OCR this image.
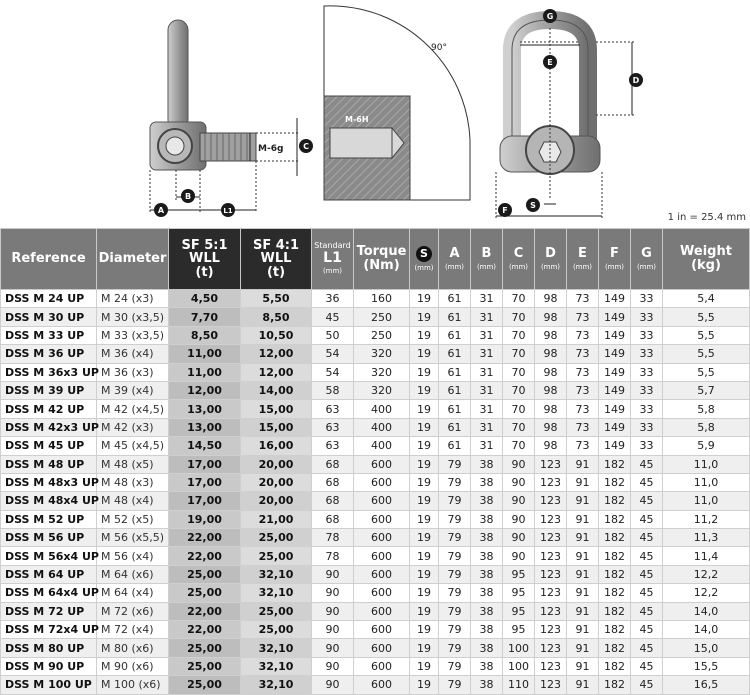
M-6g
M-6H
90°
A
B
L1
C
D
E
F
G
S
1 in = 25.4 mm
Reference	Diameter	SF 5:1
WLL
(t)	SF 4:1
WLL
(t)	Standard
L1
(mm)	Torque
(Nm)	S
(mm)	A
(mm)	B
(mm)	C
(mm)	D
(mm)	E
(mm)	F
(mm)	G
(mm)	Weight
(kg)

DSS M 24 UP	M 24 (x3)	4,50	5,50	36	160	19	61	31	70	98	73	149	33	5,4
DSS M 30 UP	M 30 (x3,5)	7,70	8,50	45	250	19	61	31	70	98	73	149	33	5,5
DSS M 33 UP	M 33 (x3,5)	8,50	10,50	50	250	19	61	31	70	98	73	149	33	5,5
DSS M 36 UP	M 36 (x4)	11,00	12,00	54	320	19	61	31	70	98	73	149	33	5,5
DSS M 36x3 UP	M 36 (x3)	11,00	12,00	54	320	19	61	31	70	98	73	149	33	5,5
DSS M 39 UP	M 39 (x4)	12,00	14,00	58	320	19	61	31	70	98	73	149	33	5,7
DSS M 42 UP	M 42 (x4,5)	13,00	15,00	63	400	19	61	31	70	98	73	149	33	5,8
DSS M 42x3 UP	M 42 (x3)	13,00	15,00	63	400	19	61	31	70	98	73	149	33	5,8
DSS M 45 UP	M 45 (x4,5)	14,50	16,00	63	400	19	61	31	70	98	73	149	33	5,9
DSS M 48 UP	M 48 (x5)	17,00	20,00	68	600	19	79	38	90	123	91	182	45	11,0
DSS M 48x3 UP	M 48 (x3)	17,00	20,00	68	600	19	79	38	90	123	91	182	45	11,0
DSS M 48x4 UP	M 48 (x4)	17,00	20,00	68	600	19	79	38	90	123	91	182	45	11,0
DSS M 52 UP	M 52 (x5)	19,00	21,00	68	600	19	79	38	90	123	91	182	45	11,2
DSS M 56 UP	M 56 (x5,5)	22,00	25,00	78	600	19	79	38	90	123	91	182	45	11,3
DSS M 56x4 UP	M 56 (x4)	22,00	25,00	78	600	19	79	38	90	123	91	182	45	11,4
DSS M 64 UP	M 64 (x6)	25,00	32,10	90	600	19	79	38	95	123	91	182	45	12,2
DSS M 64x4 UP	M 64 (x4)	25,00	32,10	90	600	19	79	38	95	123	91	182	45	12,2
DSS M 72 UP	M 72 (x6)	22,00	25,00	90	600	19	79	38	95	123	91	182	45	14,0
DSS M 72x4 UP	M 72 (x4)	22,00	25,00	90	600	19	79	38	95	123	91	182	45	14,0
DSS M 80 UP	M 80 (x6)	25,00	32,10	90	600	19	79	38	100	123	91	182	45	15,0
DSS M 90 UP	M 90 (x6)	25,00	32,10	90	600	19	79	38	100	123	91	182	45	15,5
DSS M 100 UP	M 100 (x6)	25,00	32,10	90	600	19	79	38	110	123	91	182	45	16,5
